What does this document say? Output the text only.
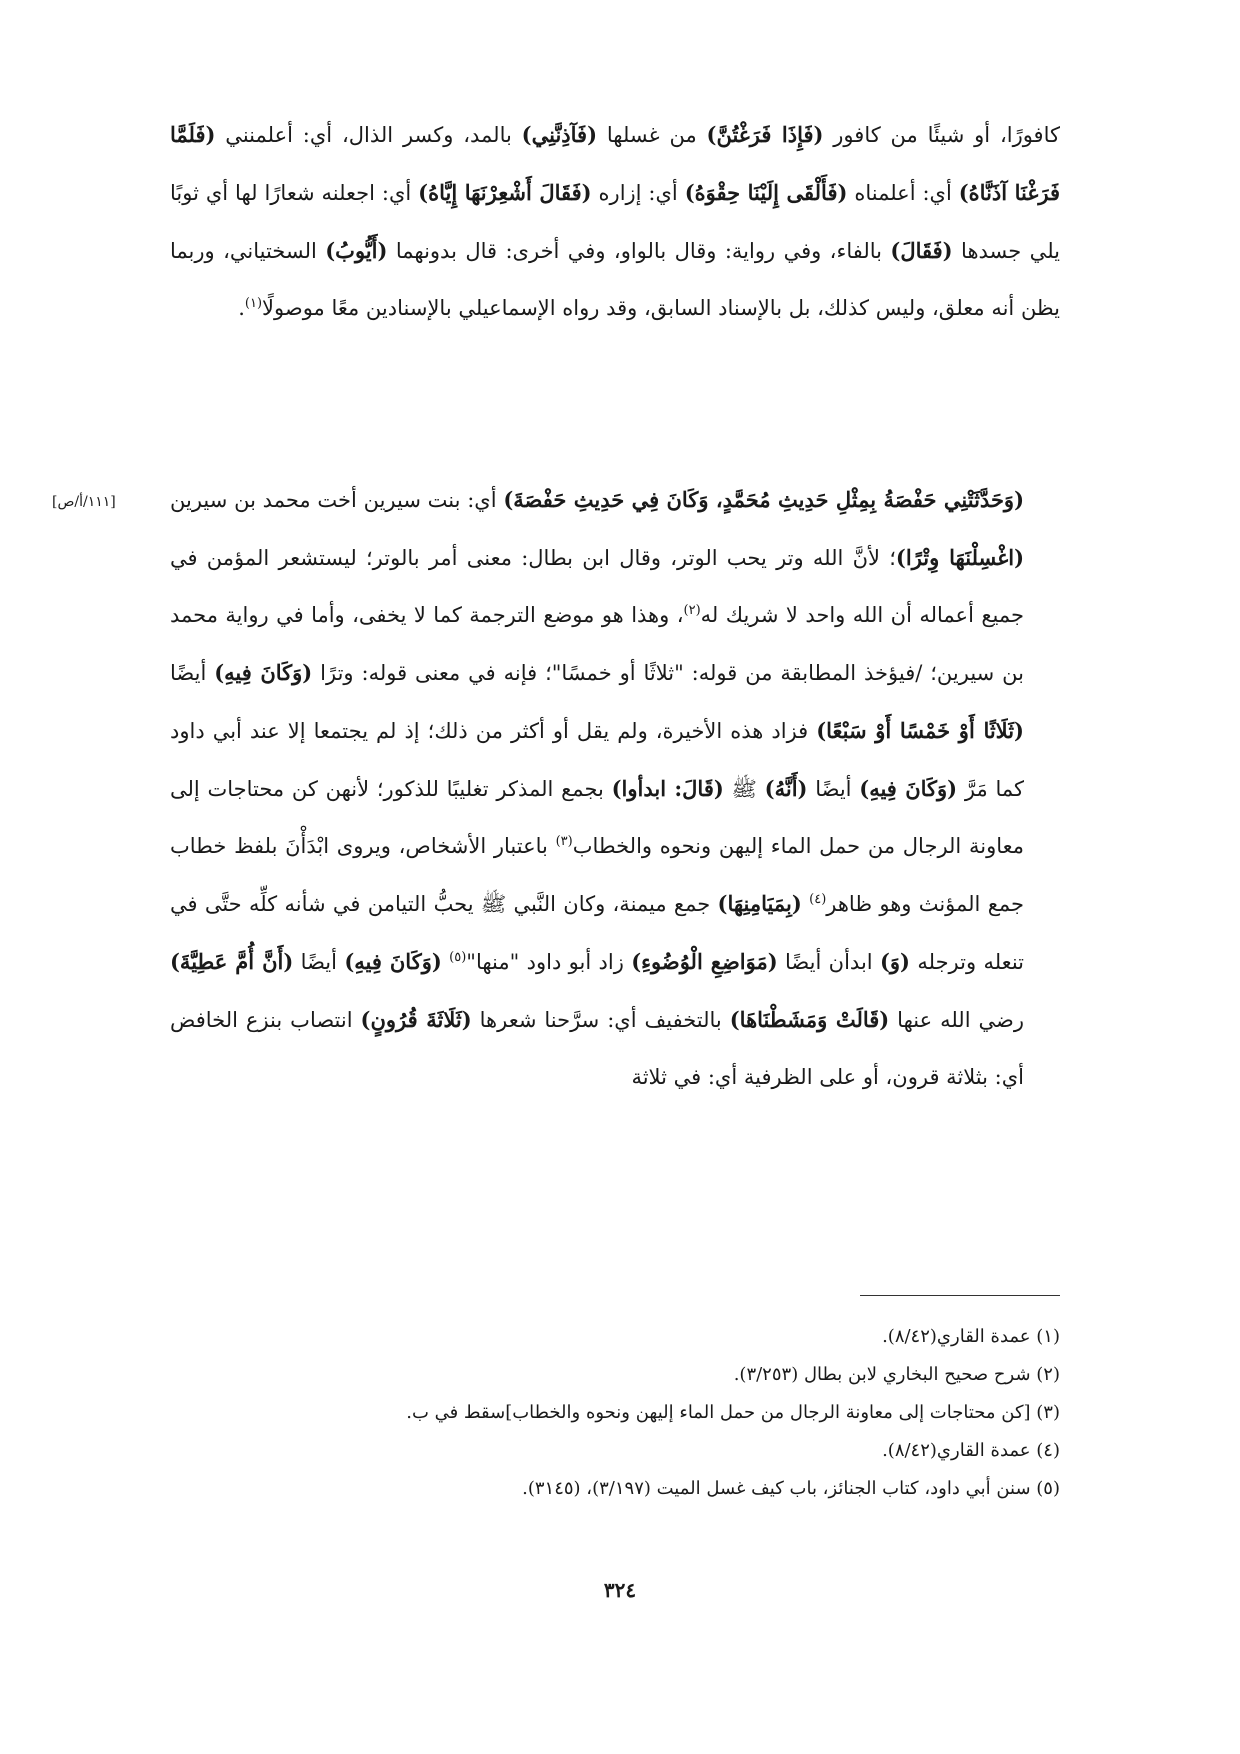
كافورًا، أو شيئًا من كافور (فَإِذَا فَرَغْتُنَّ) من غسلها (فَآذِنَّنِي) بالمد، وكسر الذال، أي: أعلمنني (فَلَمَّا فَرَغْنَا آذَنَّاهُ) أي: أعلمناه (فَأَلْقَى إِلَيْنَا حِقْوَهُ) أي: إزاره (فَقَالَ أَشْعِرْنَهَا إِيَّاهُ) أي: اجعلنه شعارًا لها أي ثوبًا يلي جسدها (فَقَالَ) بالفاء، وفي رواية: وقال بالواو، وفي أخرى: قال بدونهما (أَيُّوبُ) السختياني، وربما يظن أنه معلق، وليس كذلك، بل بالإسناد السابق، وقد رواه الإسماعيلي بالإسنادين معًا موصولًا$^{(١)}$.

[١١١/أ/ص]	(وَحَدَّثَتْنِي حَفْصَةُ بِمِثْلِ حَدِيثِ مُحَمَّدٍ، وَكَانَ فِي حَدِيثِ حَفْصَةَ) أي: بنت سيرين أخت محمد بن سيرين (اغْسِلْنَهَا وِتْرًا)؛ لأنَّ الله وتر يحب الوتر، وقال ابن بطال: معنى أمر بالوتر؛ ليستشعر المؤمن في جميع أعماله أن الله واحد لا شريك له$^{(٢)}$، وهذا هو موضع الترجمة كما لا يخفى، وأما في رواية محمد بن سيرين؛ /فيؤخذ المطابقة من قوله: "ثلاثًا أو خمسًا"؛ فإنه في معنى قوله: وترًا (وَكَانَ فِيهِ) أيضًا (ثَلَاثًا أَوْ خَمْسًا أَوْ سَبْعًا) فزاد هذه الأخيرة، ولم يقل أو أكثر من ذلك؛ إذ لم يجتمعا إلا عند أبي داود كما مَرَّ (وَكَانَ فِيهِ) أيضًا (أَنَّهُ) ﷺ (قَالَ: ابدأوا) بجمع المذكر تغليبًا للذكور؛ لأنهن كن محتاجات إلى معاونة الرجال من حمل الماء إليهن ونحوه والخطاب$^{(٣)}$ باعتبار الأشخاص، ويروى ابْدَأْنَ بلفظ خطاب جمع المؤنث وهو ظاهر$^{(٤)}$ (بِمَيَامِنِهَا) جمع ميمنة، وكان النَّبي ﷺ يحبُّ التيامن في شأنه كلِّه حتَّى في تنعله وترجله (وَ) ابدأن أيضًا (مَوَاضِعِ الْوُضُوءِ) زاد أبو داود "منها"$^{(٥)}$ (وَكَانَ فِيهِ) أيضًا (أَنَّ أُمَّ عَطِيَّةَ) رضي الله عنها (قَالَتْ وَمَشَطْنَاهَا) بالتخفيف أي: سرَّحنا شعرها (ثَلَاثَةَ قُرُونٍ) انتصاب بنزع الخافض أي: بثلاثة قرون، أو على الظرفية أي: في ثلاثة

(١) عمدة القاري(٨/٤٢).
(٢) شرح صحيح البخاري لابن بطال (٣/٢٥٣).
(٣) [كن محتاجات إلى معاونة الرجال من حمل الماء إليهن ونحوه والخطاب]سقط في ب.
(٤) عمدة القاري(٨/٤٢).
(٥) سنن أبي داود، كتاب الجنائز، باب كيف غسل الميت (٣/١٩٧)، (٣١٤٥).
٣٢٤
